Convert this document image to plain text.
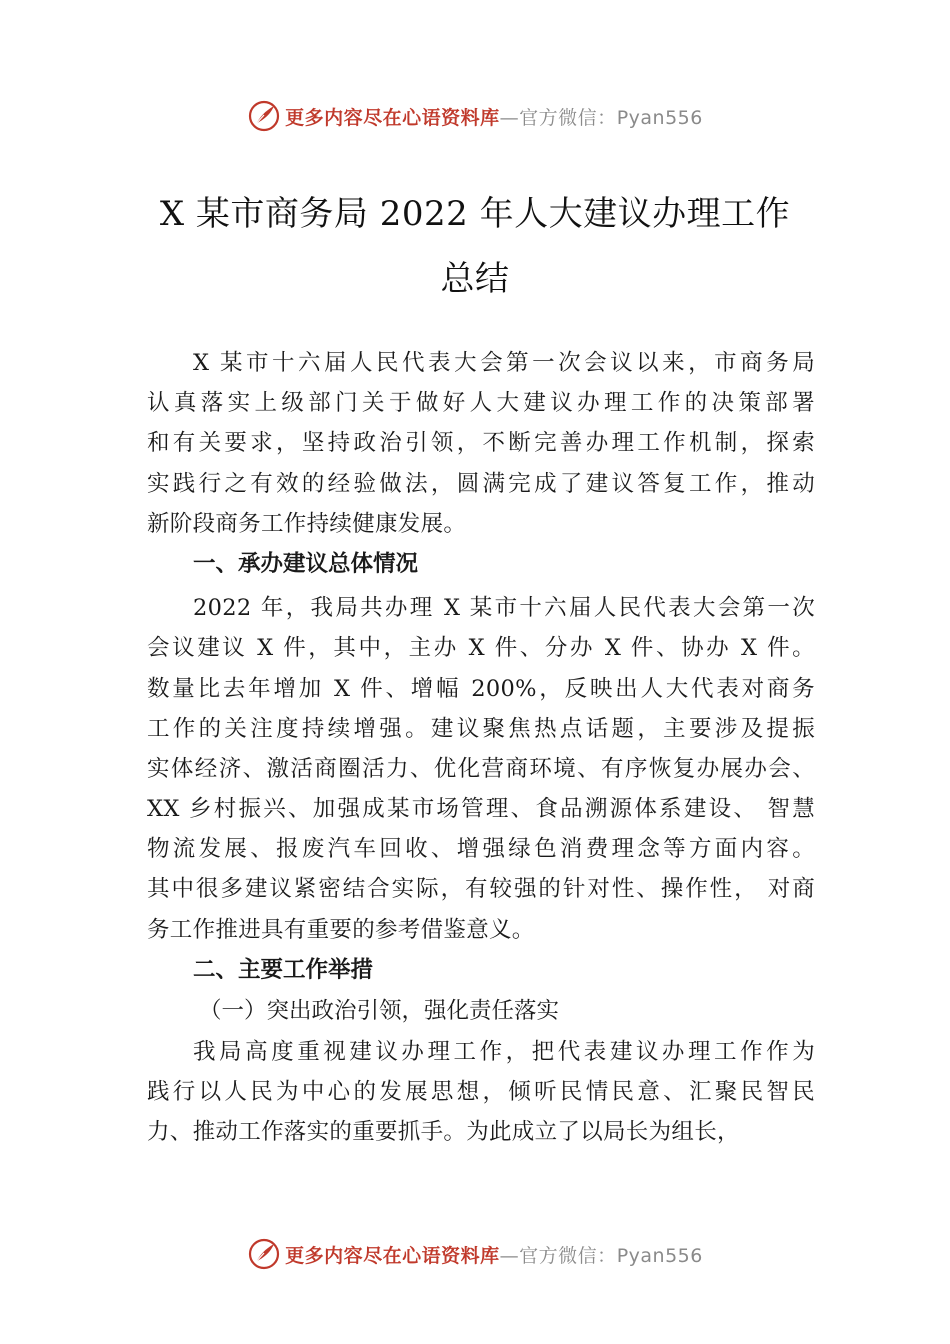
更多内容尽在心语资料库—官方微信：Pyan556
X 某市商务局 2022 年人大建议办理工作
总结
X 某市十六届人民代表大会第一次会议以来，市商务局
认真落实上级部门关于做好人大建议办理工作的决策部署
和有关要求，坚持政治引领，不断完善办理工作机制，探索
实践行之有效的经验做法，圆满完成了建议答复工作，推动
新阶段商务工作持续健康发展。
一、承办建议总体情况
2022 年，我局共办理 X 某市十六届人民代表大会第一次
会议建议 X 件，其中，主办 X 件、分办 X 件、协办 X 件。
数量比去年增加 X 件、增幅 200%，反映出人大代表对商务
工作的关注度持续增强。建议聚焦热点话题，主要涉及提振
实体经济、激活商圈活力、优化营商环境、有序恢复办展办会、
XX 乡村振兴、加强成某市场管理、食品溯源体系建设、 智慧
物流发展、报废汽车回收、增强绿色消费理念等方面内容。
其中很多建议紧密结合实际，有较强的针对性、操作性， 对商
务工作推进具有重要的参考借鉴意义。
二、主要工作举措
（一）突出政治引领，强化责任落实
我局高度重视建议办理工作，把代表建议办理工作作为
践行以人民为中心的发展思想，倾听民情民意、汇聚民智民
力、推动工作落实的重要抓手。为此成立了以局长为组长，
更多内容尽在心语资料库—官方微信：Pyan556
